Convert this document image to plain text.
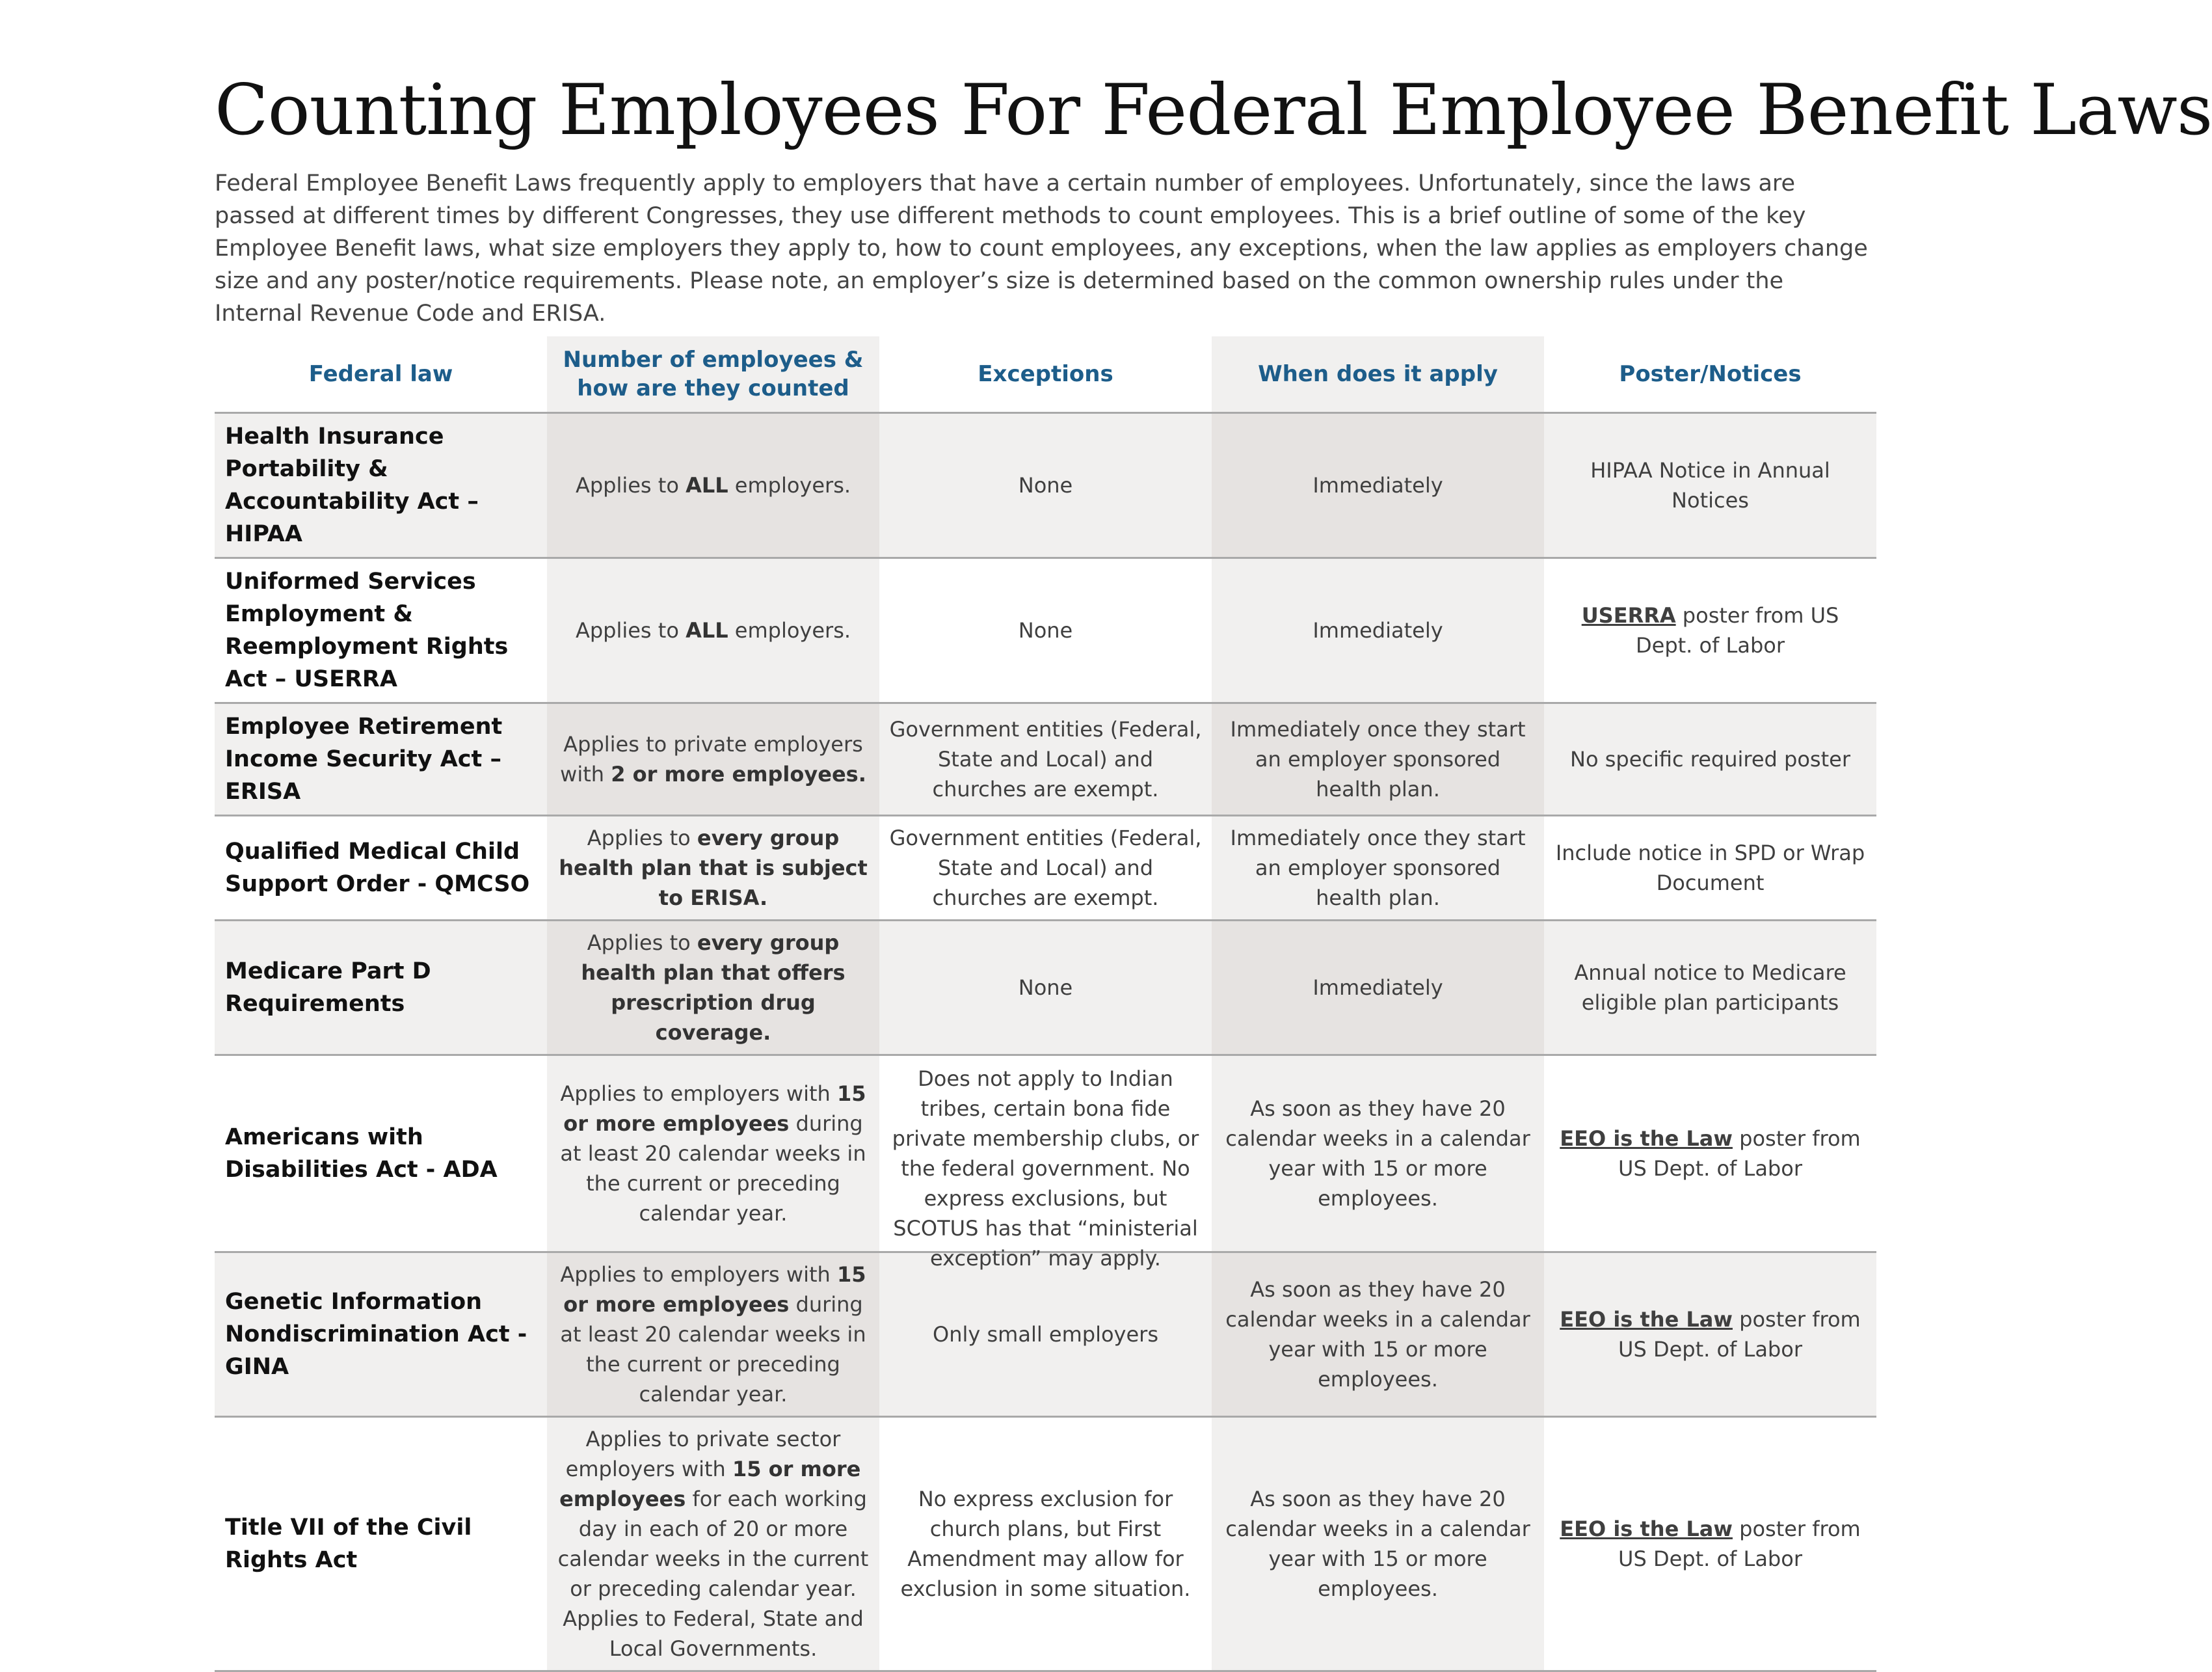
Counting Employees For Federal Employee Benefit Laws

Federal Employee Benefit Laws frequently apply to employers that have a certain number of employees. Unfortunately, since the laws are passed at different times by different Congresses, they use different methods to count employees. This is a brief outline of some of the key Employee Benefit laws, what size employers they apply to, how to count employees, any exceptions, when the law applies as employers change size and any poster/notice requirements. Please note, an employer’s size is determined based on the common ownership rules under the Internal Revenue Code and ERISA.

Federal law	Number of employees & how are they counted	Exceptions	When does it apply	Poster/Notices
Health Insurance Portability & Accountability Act – HIPAA	Applies to ALL employers.	None	Immediately	HIPAA Notice in Annual Notices
Uniformed Services Employment & Reemployment Rights Act – USERRA	Applies to ALL employers.	None	Immediately	USERRA poster from US Dept. of Labor
Employee Retirement Income Security Act – ERISA	Applies to private employers with 2 or more employees.	Government entities (Federal, State and Local) and churches are exempt.	Immediately once they start an employer sponsored health plan.	No specific required poster
Qualified Medical Child Support Order - QMCSO	Applies to every group health plan that is subject to ERISA.	Government entities (Federal, State and Local) and churches are exempt.	Immediately once they start an employer sponsored health plan.	Include notice in SPD or Wrap Document
Medicare Part D Requirements	Applies to every group health plan that offers prescription drug coverage.	None	Immediately	Annual notice to Medicare eligible plan participants
Americans with Disabilities Act - ADA	Applies to employers with 15 or more employees during at least 20 calendar weeks in the current or preceding calendar year.	Does not apply to Indian tribes, certain bona fide private membership clubs, or the federal government. No express exclusions, but SCOTUS has that “ministerial exception” may apply.	As soon as they have 20 calendar weeks in a calendar year with 15 or more employees.	EEO is the Law poster from US Dept. of Labor
Genetic Information Nondiscrimination Act - GINA	Applies to employers with 15 or more employees during at least 20 calendar weeks in the current or preceding calendar year.	Only small employers	As soon as they have 20 calendar weeks in a calendar year with 15 or more employees.	EEO is the Law poster from US Dept. of Labor
Title VII of the Civil Rights Act	Applies to private sector employers with 15 or more employees for each working day in each of 20 or more calendar weeks in the current or preceding calendar year. Applies to Federal, State and Local Governments.	No express exclusion for church plans, but First Amendment may allow for exclusion in some situation.	As soon as they have 20 calendar weeks in a calendar year with 15 or more employees.	EEO is the Law poster from US Dept. of Labor
